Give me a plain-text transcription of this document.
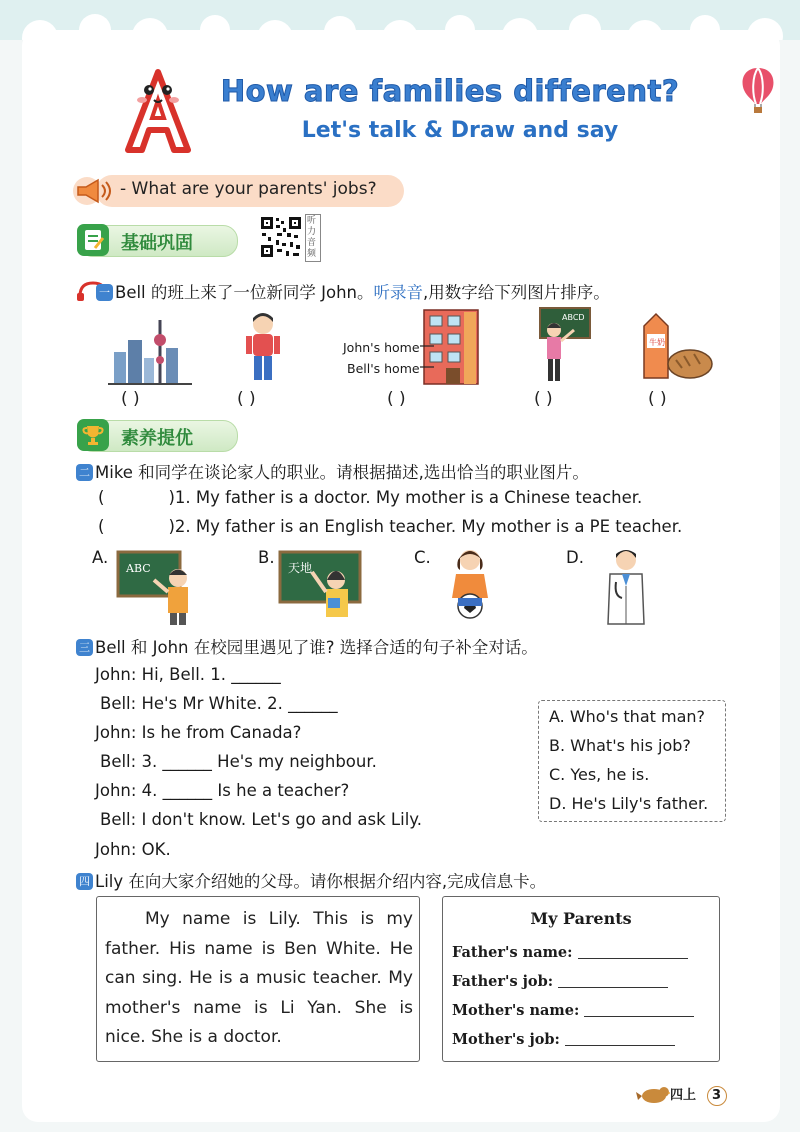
How are families different?
Let's talk & Draw and say
- What are your parents' jobs?
基础巩固
听力音频
一 Bell 的班上来了一位新同学 John。听录音,用数字给下列图片排序。
John's home
Bell's home
ABCD
牛奶
( )	( )	( )	( )	( )
素养提优
二 Mike 和同学在谈论家人的职业。请根据描述,选出恰当的职业图片。
(	)1. My father is a doctor. My mother is a Chinese teacher.
(	)2. My father is an English teacher. My mother is a PE teacher.
A.
ABC
B.
天地
C.	D.
三 Bell 和 John 在校园里遇见了谁? 选择合适的句子补全对话。
John: Hi, Bell. 1. ______
Bell: He's Mr White. 2. ______
John: Is he from Canada?
Bell: 3. ______ He's my neighbour.
John: 4. ______ Is he a teacher?
Bell: I don't know. Let's go and ask Lily.
John: OK.
A. Who's that man?
B. What's his job?
C. Yes, he is.
D. He's Lily's father.
四 Lily 在向大家介绍她的父母。请你根据介绍内容,完成信息卡。
My name is Lily. This is my father. His name is Ben White. He can sing. He is a music teacher. My mother's name is Li Yan. She is nice. She is a doctor.
My Parents
Father's name:
Father's job:
Mother's name:
Mother's job:
四上 3
